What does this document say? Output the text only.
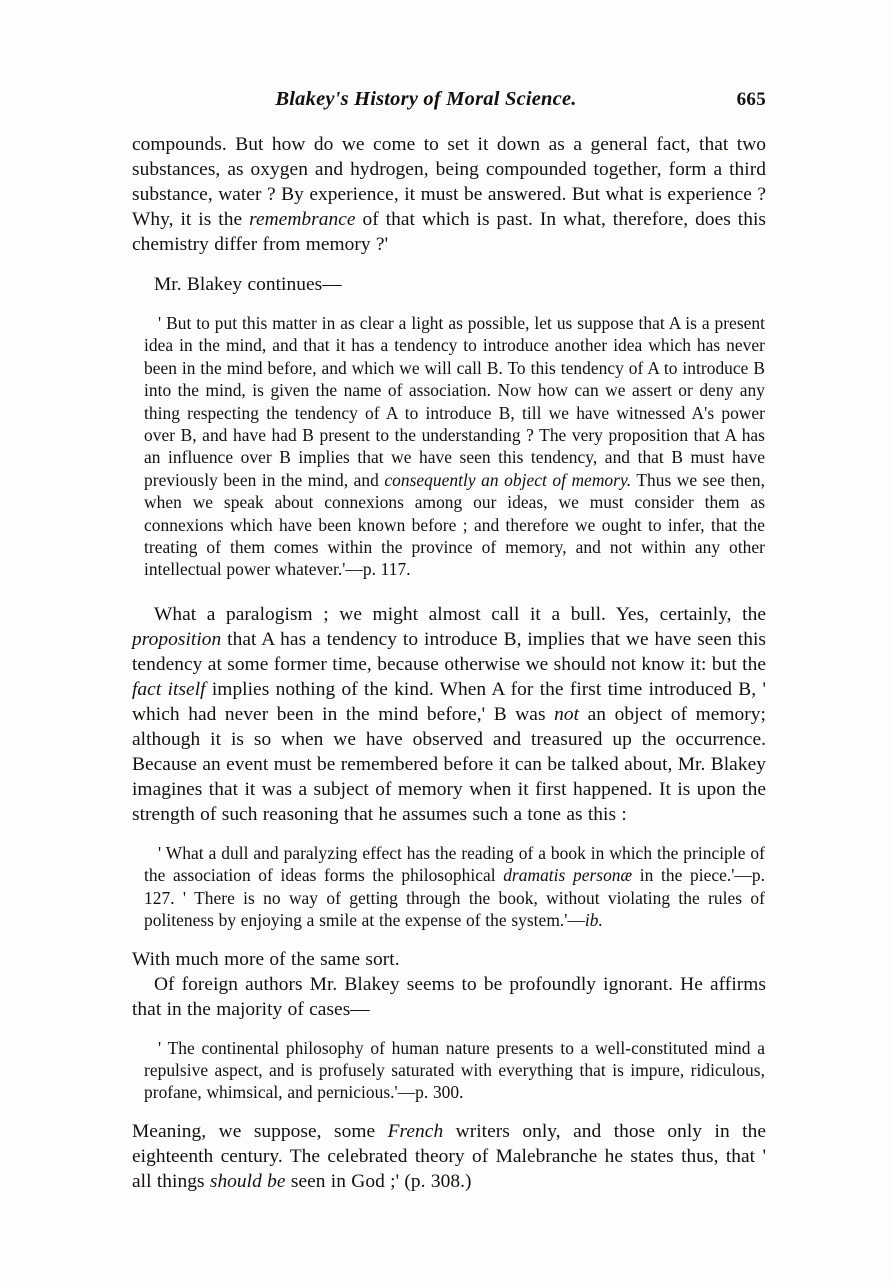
Blakey's History of Moral Science.	665

compounds. But how do we come to set it down as a general fact, that two substances, as oxygen and hydrogen, being compounded together, form a third substance, water ? By experience, it must be answered. But what is experience ? Why, it is the remembrance of that which is past. In what, therefore, does this chemistry differ from memory ?'

Mr. Blakey continues—

' But to put this matter in as clear a light as possible, let us suppose that A is a present idea in the mind, and that it has a tendency to introduce another idea which has never been in the mind before, and which we will call B. To this tendency of A to introduce B into the mind, is given the name of association. Now how can we assert or deny any thing respecting the tendency of A to introduce B, till we have witnessed A's power over B, and have had B present to the understanding ? The very proposition that A has an influence over B implies that we have seen this tendency, and that B must have previously been in the mind, and consequently an object of memory. Thus we see then, when we speak about connexions among our ideas, we must consider them as connexions which have been known before ; and therefore we ought to infer, that the treating of them comes within the province of memory, and not within any other intellectual power whatever.'—p. 117.

What a paralogism ; we might almost call it a bull. Yes, certainly, the proposition that A has a tendency to introduce B, implies that we have seen this tendency at some former time, because otherwise we should not know it: but the fact itself implies nothing of the kind. When A for the first time introduced B, ' which had never been in the mind before,' B was not an object of memory; although it is so when we have observed and treasured up the occurrence. Because an event must be remembered before it can be talked about, Mr. Blakey imagines that it was a subject of memory when it first happened. It is upon the strength of such reasoning that he assumes such a tone as this :

' What a dull and paralyzing effect has the reading of a book in which the principle of the association of ideas forms the philosophical dramatis personæ in the piece.'—p. 127. ' There is no way of getting through the book, without violating the rules of politeness by enjoying a smile at the expense of the system.'—ib.

With much more of the same sort.

Of foreign authors Mr. Blakey seems to be profoundly ignorant. He affirms that in the majority of cases—

' The continental philosophy of human nature presents to a well-constituted mind a repulsive aspect, and is profusely saturated with everything that is impure, ridiculous, profane, whimsical, and pernicious.'—p. 300.

Meaning, we suppose, some French writers only, and those only in the eighteenth century. The celebrated theory of Malebranche he states thus, that ' all things should be seen in God ;' (p. 308.)
